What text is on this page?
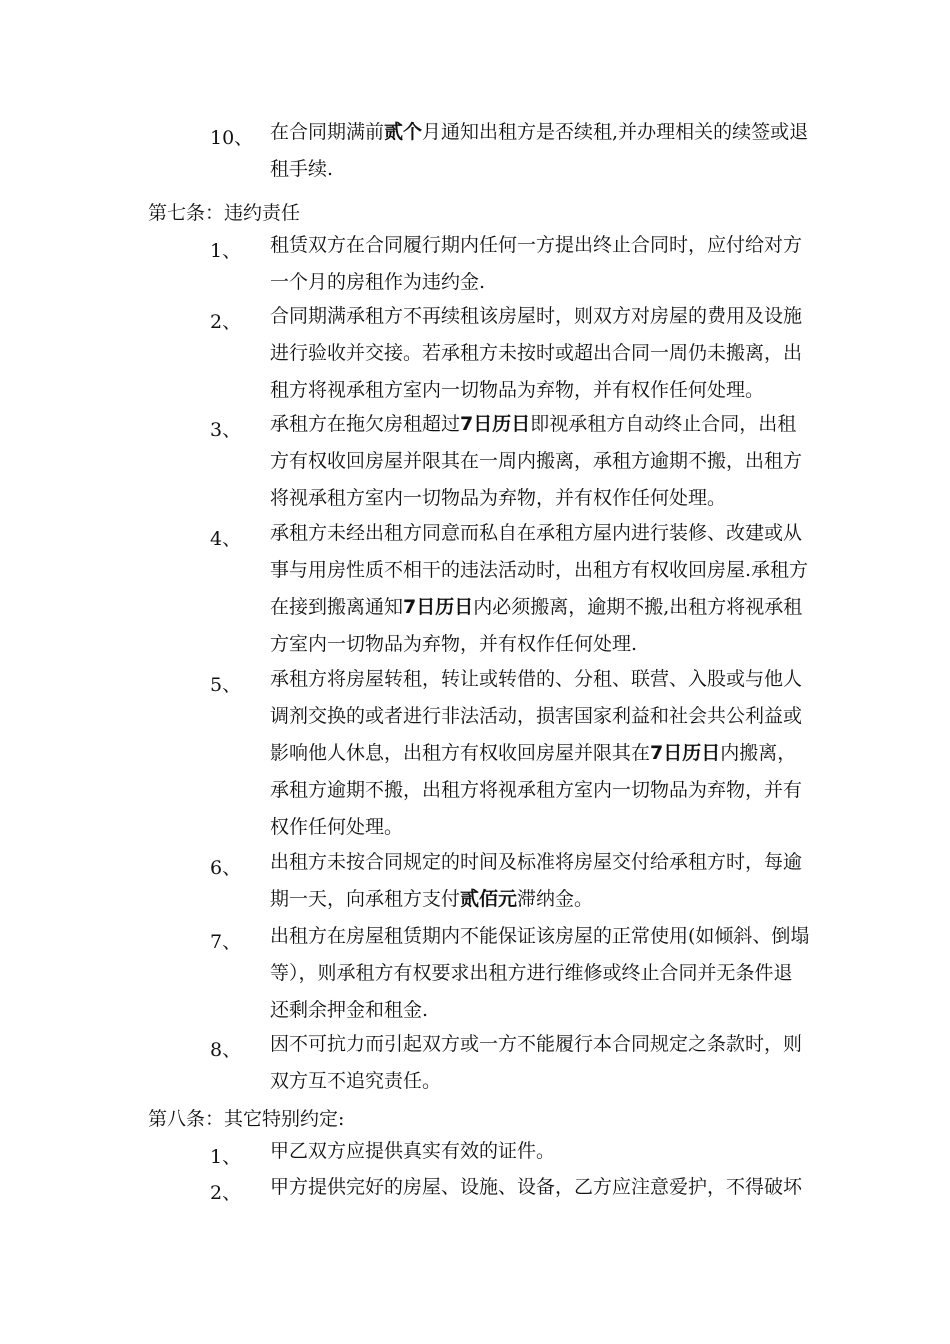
10、 在合同期满前贰个月通知出租方是否续租,并办理相关的续签或退租手续.
第七条：违约责任
1、 租赁双方在合同履行期内任何一方提出终止合同时，应付给对方一个月的房租作为违约金.
2、 合同期满承租方不再续租该房屋时，则双方对房屋的费用及设施进行验收并交接。若承租方未按时或超出合同一周仍未搬离，出租方将视承租方室内一切物品为弃物，并有权作任何处理。
3、 承租方在拖欠房租超过7日历日即视承租方自动终止合同，出租方有权收回房屋并限其在一周内搬离，承租方逾期不搬，出租方将视承租方室内一切物品为弃物，并有权作任何处理。
4、 承租方未经出租方同意而私自在承租方屋内进行装修、改建或从事与用房性质不相干的违法活动时，出租方有权收回房屋.承租方在接到搬离通知7日历日内必须搬离，逾期不搬,出租方将视承租方室内一切物品为弃物，并有权作任何处理.
5、 承租方将房屋转租，转让或转借的、分租、联营、入股或与他人调剂交换的或者进行非法活动，损害国家利益和社会共公利益或影响他人休息，出租方有权收回房屋并限其在7日历日内搬离，承租方逾期不搬，出租方将视承租方室内一切物品为弃物，并有权作任何处理。
6、 出租方未按合同规定的时间及标准将房屋交付给承租方时，每逾期一天，向承租方支付贰佰元滞纳金。
7、 出租方在房屋租赁期内不能保证该房屋的正常使用(如倾斜、倒塌等），则承租方有权要求出租方进行维修或终止合同并无条件退还剩余押金和租金.
8、 因不可抗力而引起双方或一方不能履行本合同规定之条款时，则双方互不追究责任。
第八条：其它特别约定:
1、 甲乙双方应提供真实有效的证件。
2、 甲方提供完好的房屋、设施、设备，乙方应注意爱护，不得破坏
